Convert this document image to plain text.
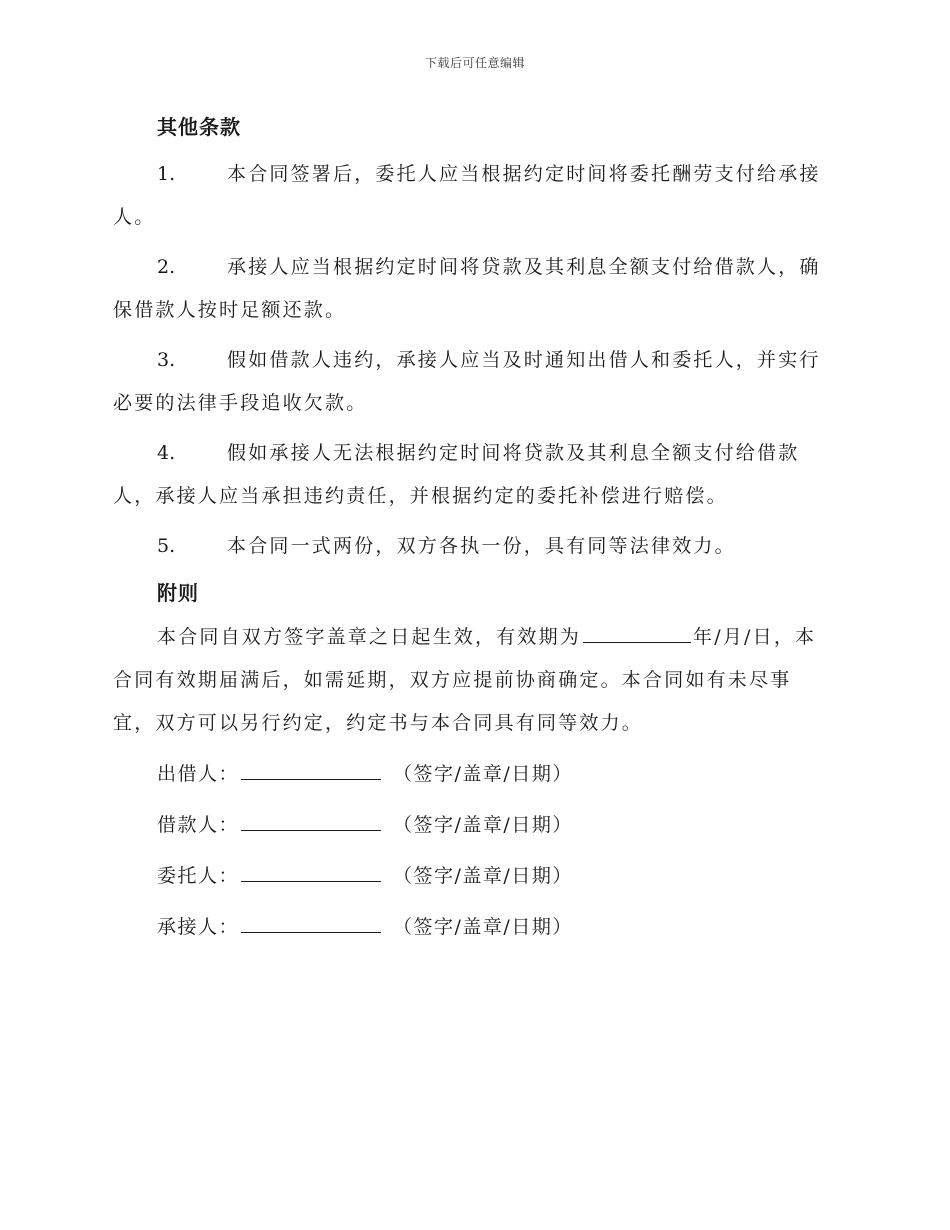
下载后可任意编辑
其他条款
1.	本合同签署后，委托人应当根据约定时间将委托酬劳支付给承接人。
2.	承接人应当根据约定时间将贷款及其利息全额支付给借款人，确保借款人按时足额还款。
3.	假如借款人违约，承接人应当及时通知出借人和委托人，并实行必要的法律手段追收欠款。
4.	假如承接人无法根据约定时间将贷款及其利息全额支付给借款人，承接人应当承担违约责任，并根据约定的委托补偿进行赔偿。
5.	本合同一式两份，双方各执一份，具有同等法律效力。
附则
本合同自双方签字盖章之日起生效，有效期为	年/月/日，本合同有效期届满后，如需延期，双方应提前协商确定。本合同如有未尽事宜，双方可以另行约定，约定书与本合同具有同等效力。
出借人：	（签字/盖章/日期）
借款人：	（签字/盖章/日期）
委托人：	（签字/盖章/日期）
承接人：	（签字/盖章/日期）
